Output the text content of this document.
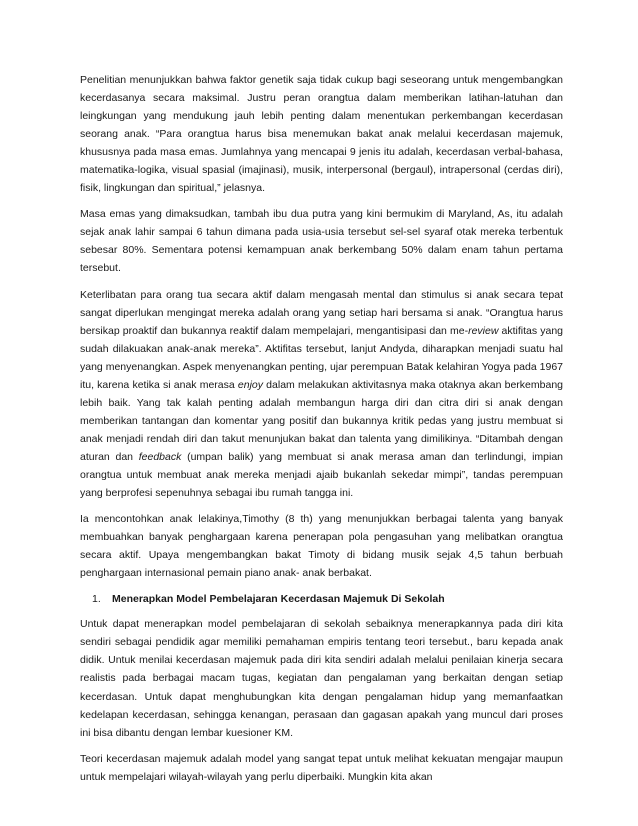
Penelitian menunjukkan bahwa faktor genetik saja tidak cukup bagi seseorang untuk mengembangkan kecerdasanya secara maksimal. Justru peran orangtua dalam memberikan latihan-latuhan dan leingkungan yang mendukung jauh lebih penting dalam menentukan perkembangan kecerdasan seorang anak. “Para orangtua harus bisa menemukan bakat anak melalui kecerdasan majemuk, khususnya pada masa emas. Jumlahnya yang mencapai 9 jenis itu adalah, kecerdasan verbal-bahasa, matematika-logika, visual spasial (imajinasi), musik, interpersonal (bergaul), intrapersonal (cerdas diri), fisik, lingkungan dan spiritual,” jelasnya.

Masa emas yang dimaksudkan, tambah ibu dua putra yang kini bermukim di Maryland, As, itu adalah sejak anak lahir sampai 6 tahun dimana pada usia-usia tersebut sel-sel syaraf otak mereka terbentuk sebesar 80%. Sementara potensi kemampuan anak berkembang 50% dalam enam tahun pertama tersebut.

Keterlibatan para orang tua secara aktif dalam mengasah mental dan stimulus si anak secara tepat sangat diperlukan mengingat mereka adalah orang yang setiap hari bersama si anak. “Orangtua harus bersikap proaktif dan bukannya reaktif dalam mempelajari, mengantisipasi dan me-review aktifitas yang sudah dilakuakan anak-anak mereka”. Aktifitas tersebut, lanjut Andyda, diharapkan menjadi suatu hal yang menyenangkan. Aspek menyenangkan penting, ujar perempuan Batak kelahiran Yogya pada 1967 itu, karena ketika si anak merasa enjoy dalam melakukan aktivitasnya maka otaknya akan berkembang lebih baik. Yang tak kalah penting adalah membangun harga diri dan citra diri si anak dengan memberikan tantangan dan komentar yang positif dan bukannya kritik pedas yang justru membuat si anak menjadi rendah diri dan takut menunjukan bakat dan talenta yang dimilikinya. “Ditambah dengan aturan dan feedback (umpan balik) yang membuat si anak merasa aman dan terlindungi, impian orangtua untuk membuat anak mereka menjadi ajaib bukanlah sekedar mimpi”, tandas perempuan yang berprofesi sepenuhnya sebagai ibu rumah tangga ini.

Ia mencontohkan anak lelakinya,Timothy (8 th) yang menunjukkan berbagai talenta yang banyak membuahkan banyak penghargaan karena penerapan pola pengasuhan yang melibatkan orangtua secara aktif. Upaya mengembangkan bakat Timoty di bidang musik sejak 4,5 tahun berbuah penghargaan internasional pemain piano anak- anak berbakat.

1.	Menerapkan Model Pembelajaran Kecerdasan Majemuk Di Sekolah

Untuk dapat menerapkan model pembelajaran di sekolah sebaiknya menerapkannya pada diri kita sendiri sebagai pendidik agar memiliki pemahaman empiris tentang teori tersebut., baru kepada anak didik. Untuk menilai kecerdasan majemuk pada diri kita sendiri adalah melalui penilaian kinerja secara realistis pada berbagai macam tugas, kegiatan dan pengalaman yang berkaitan dengan setiap kecerdasan. Untuk dapat menghubungkan kita dengan pengalaman hidup yang memanfaatkan kedelapan kecerdasan, sehingga kenangan, perasaan dan gagasan apakah yang muncul dari proses ini bisa dibantu dengan lembar kuesioner KM.

Teori kecerdasan majemuk adalah model yang sangat tepat untuk melihat kekuatan mengajar maupun untuk mempelajari wilayah-wilayah yang perlu diperbaiki. Mungkin kita akan
